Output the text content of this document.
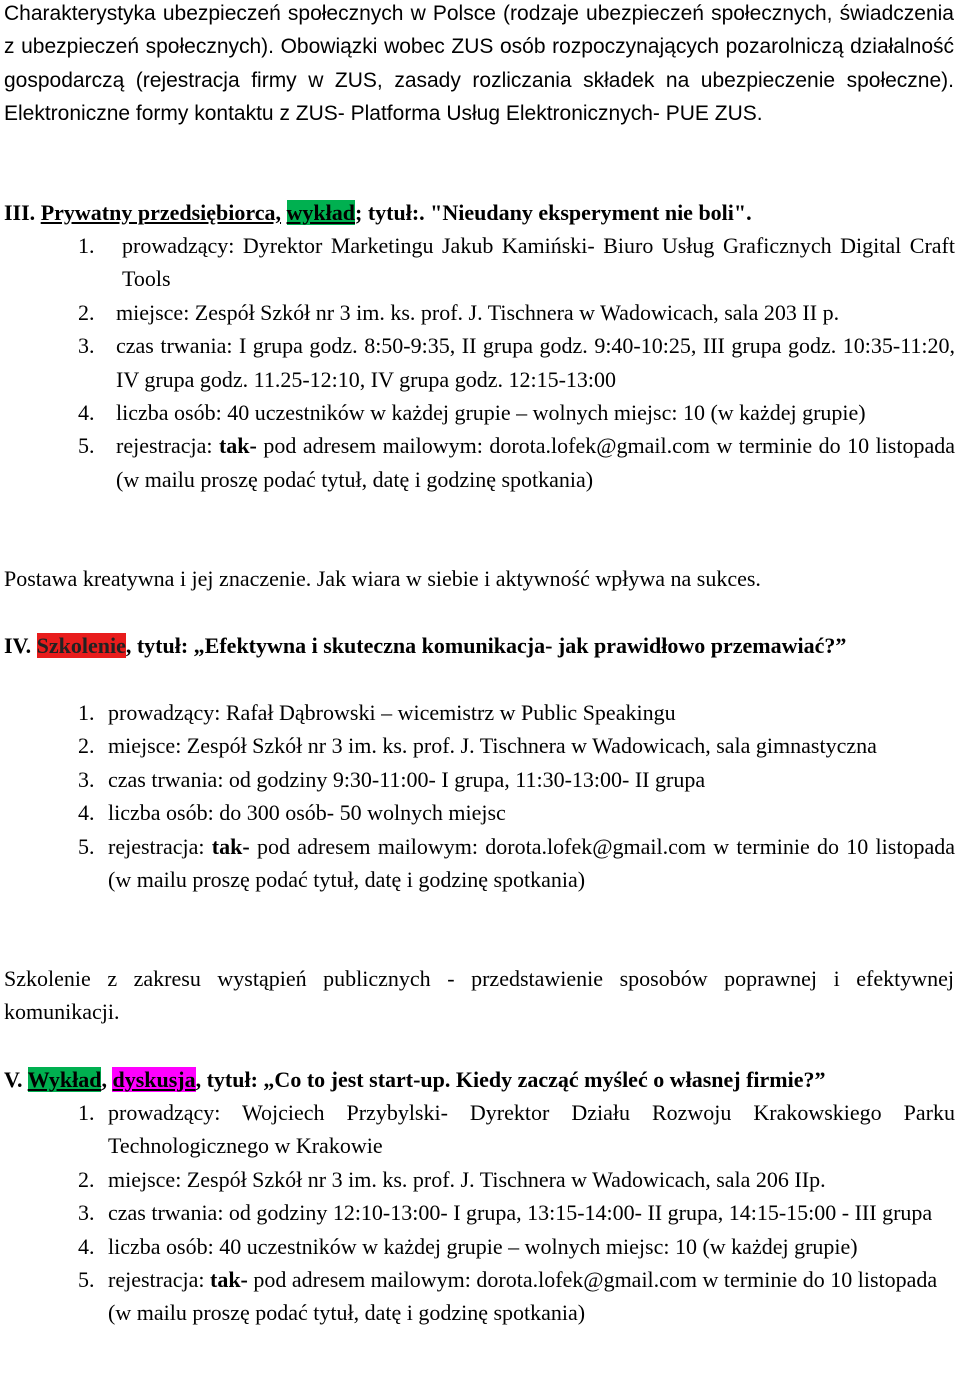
Charakterystyka ubezpieczeń społecznych w Polsce (rodzaje ubezpieczeń społecznych, świadczenia z ubezpieczeń społecznych). Obowiązki wobec ZUS osób rozpoczynających pozarolniczą działalność gospodarczą (rejestracja firmy w ZUS, zasady rozliczania składek na ubezpieczenie społeczne). Elektroniczne formy kontaktu z ZUS- Platforma Usług Elektronicznych- PUE ZUS.
III. Prywatny przedsiębiorca, wykład; tytuł:. "Nieudany eksperyment nie boli".
1. prowadzący: Dyrektor Marketingu Jakub Kamiński- Biuro Usług Graficznych Digital Craft Tools
2. miejsce: Zespół Szkół nr 3 im. ks. prof. J. Tischnera w Wadowicach, sala 203 II p.
3. czas trwania: I grupa godz. 8:50-9:35, II grupa godz. 9:40-10:25, III grupa godz. 10:35-11:20, IV grupa godz. 11.25-12:10, IV grupa godz. 12:15-13:00
4. liczba osób: 40 uczestników w każdej grupie – wolnych miejsc: 10 (w każdej grupie)
5. rejestracja: tak- pod adresem mailowym: dorota.lofek@gmail.com w terminie do 10 listopada (w mailu proszę podać tytuł, datę i godzinę spotkania)
Postawa kreatywna i jej znaczenie. Jak wiara w siebie i aktywność wpływa na sukces.
IV. Szkolenie, tytuł: „Efektywna i skuteczna komunikacja- jak prawidłowo przemawiać?”
1. prowadzący: Rafał Dąbrowski – wicemistrz w Public Speakingu
2. miejsce: Zespół Szkół nr 3 im. ks. prof. J. Tischnera w Wadowicach, sala gimnastyczna
3. czas trwania: od godziny 9:30-11:00- I grupa, 11:30-13:00- II grupa
4. liczba osób: do 300 osób- 50 wolnych miejsc
5. rejestracja: tak- pod adresem mailowym: dorota.lofek@gmail.com w terminie do 10 listopada (w mailu proszę podać tytuł, datę i godzinę spotkania)
Szkolenie z zakresu wystąpień publicznych - przedstawienie sposobów poprawnej i efektywnej komunikacji.
V. Wykład, dyskusja, tytuł: „Co to jest start-up. Kiedy zacząć myśleć o własnej firmie?”
1. prowadzący: Wojciech Przybylski- Dyrektor Działu Rozwoju Krakowskiego Parku Technologicznego w Krakowie
2. miejsce: Zespół Szkół nr 3 im. ks. prof. J. Tischnera w Wadowicach, sala 206 IIp.
3. czas trwania: od godziny 12:10-13:00- I grupa, 13:15-14:00- II grupa, 14:15-15:00 - III grupa
4. liczba osób: 40 uczestników w każdej grupie – wolnych miejsc: 10 (w każdej grupie)
5. rejestracja: tak- pod adresem mailowym: dorota.lofek@gmail.com w terminie do 10 listopada (w mailu proszę podać tytuł, datę i godzinę spotkania)
